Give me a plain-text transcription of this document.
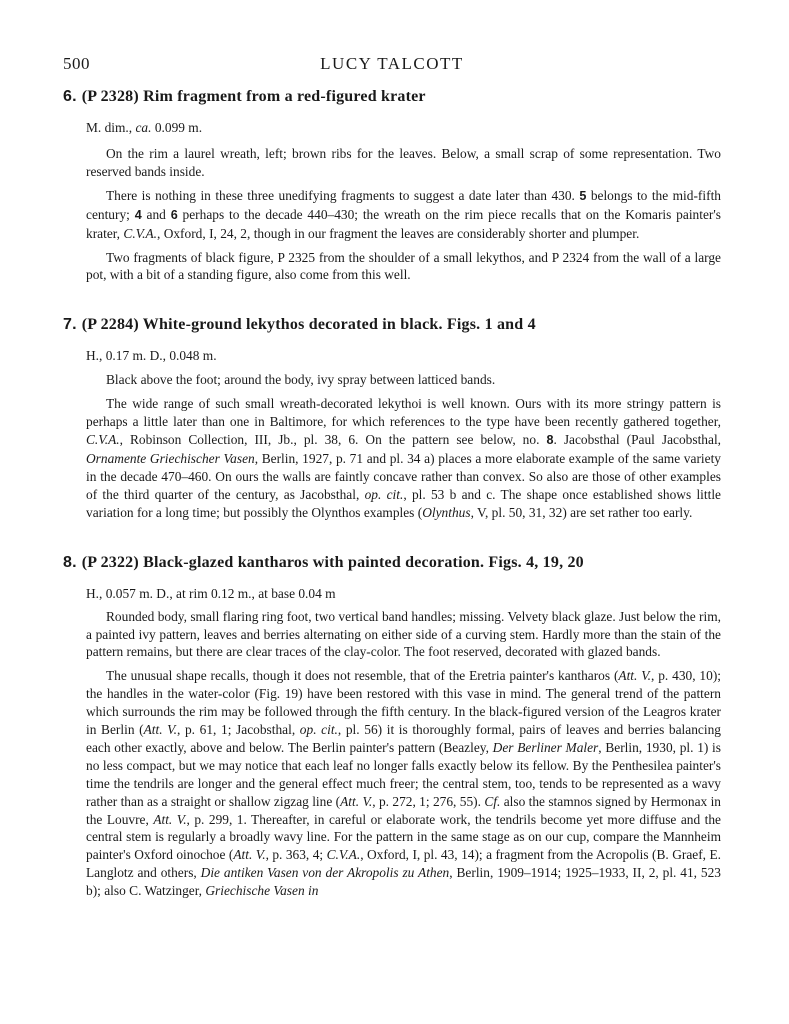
500	LUCY TALCOTT
6. (P 2328) Rim fragment from a red-figured krater

M. dim., ca. 0.099 m.

On the rim a laurel wreath, left; brown ribs for the leaves. Below, a small scrap of some representation. Two reserved bands inside.

There is nothing in these three unedifying fragments to suggest a date later than 430. 5 belongs to the mid-fifth century; 4 and 6 perhaps to the decade 440–430; the wreath on the rim piece recalls that on the Komaris painter's krater, C.V.A., Oxford, I, 24, 2, though in our fragment the leaves are considerably shorter and plumper.

Two fragments of black figure, P 2325 from the shoulder of a small lekythos, and P 2324 from the wall of a large pot, with a bit of a standing figure, also come from this well.

7. (P 2284) White-ground lekythos decorated in black. Figs. 1 and 4

H., 0.17 m. D., 0.048 m.

Black above the foot; around the body, ivy spray between latticed bands.

The wide range of such small wreath-decorated lekythoi is well known. Ours with its more stringy pattern is perhaps a little later than one in Baltimore, for which references to the type have been recently gathered together, C.V.A., Robinson Collection, III, Jb., pl. 38, 6. On the pattern see below, no. 8. Jacobsthal (Paul Jacobsthal, Ornamente Griechischer Vasen, Berlin, 1927, p. 71 and pl. 34 a) places a more elaborate example of the same variety in the decade 470–460. On ours the walls are faintly concave rather than convex. So also are those of other examples of the third quarter of the century, as Jacobsthal, op. cit., pl. 53 b and c. The shape once established shows little variation for a long time; but possibly the Olynthos examples (Olynthus, V, pl. 50, 31, 32) are set rather too early.

8. (P 2322) Black-glazed kantharos with painted decoration. Figs. 4, 19, 20

H., 0.057 m. D., at rim 0.12 m., at base 0.04 m

Rounded body, small flaring ring foot, two vertical band handles; missing. Velvety black glaze. Just below the rim, a painted ivy pattern, leaves and berries alternating on either side of a curving stem. Hardly more than the stain of the pattern remains, but there are clear traces of the clay-color. The foot reserved, decorated with glazed bands.

The unusual shape recalls, though it does not resemble, that of the Eretria painter's kantharos (Att. V., p. 430, 10); the handles in the water-color (Fig. 19) have been restored with this vase in mind. The general trend of the pattern which surrounds the rim may be followed through the fifth century. In the black-figured version of the Leagros krater in Berlin (Att. V., p. 61, 1; Jacobsthal, op. cit., pl. 56) it is thoroughly formal, pairs of leaves and berries balancing each other exactly, above and below. The Berlin painter's pattern (Beazley, Der Berliner Maler, Berlin, 1930, pl. 1) is no less compact, but we may notice that each leaf no longer falls exactly below its fellow. By the Penthesilea painter's time the tendrils are longer and the general effect much freer; the central stem, too, tends to be represented as a wavy rather than as a straight or shallow zigzag line (Att. V., p. 272, 1; 276, 55). Cf. also the stamnos signed by Hermonax in the Louvre, Att. V., p. 299, 1. Thereafter, in careful or elaborate work, the tendrils become yet more diffuse and the central stem is regularly a broadly wavy line. For the pattern in the same stage as on our cup, compare the Mannheim painter's Oxford oinochoe (Att. V., p. 363, 4; C.V.A., Oxford, I, pl. 43, 14); a fragment from the Acropolis (B. Graef, E. Langlotz and others, Die antiken Vasen von der Akropolis zu Athen, Berlin, 1909–1914; 1925–1933, II, 2, pl. 41, 523 b); also C. Watzinger, Griechische Vasen in
